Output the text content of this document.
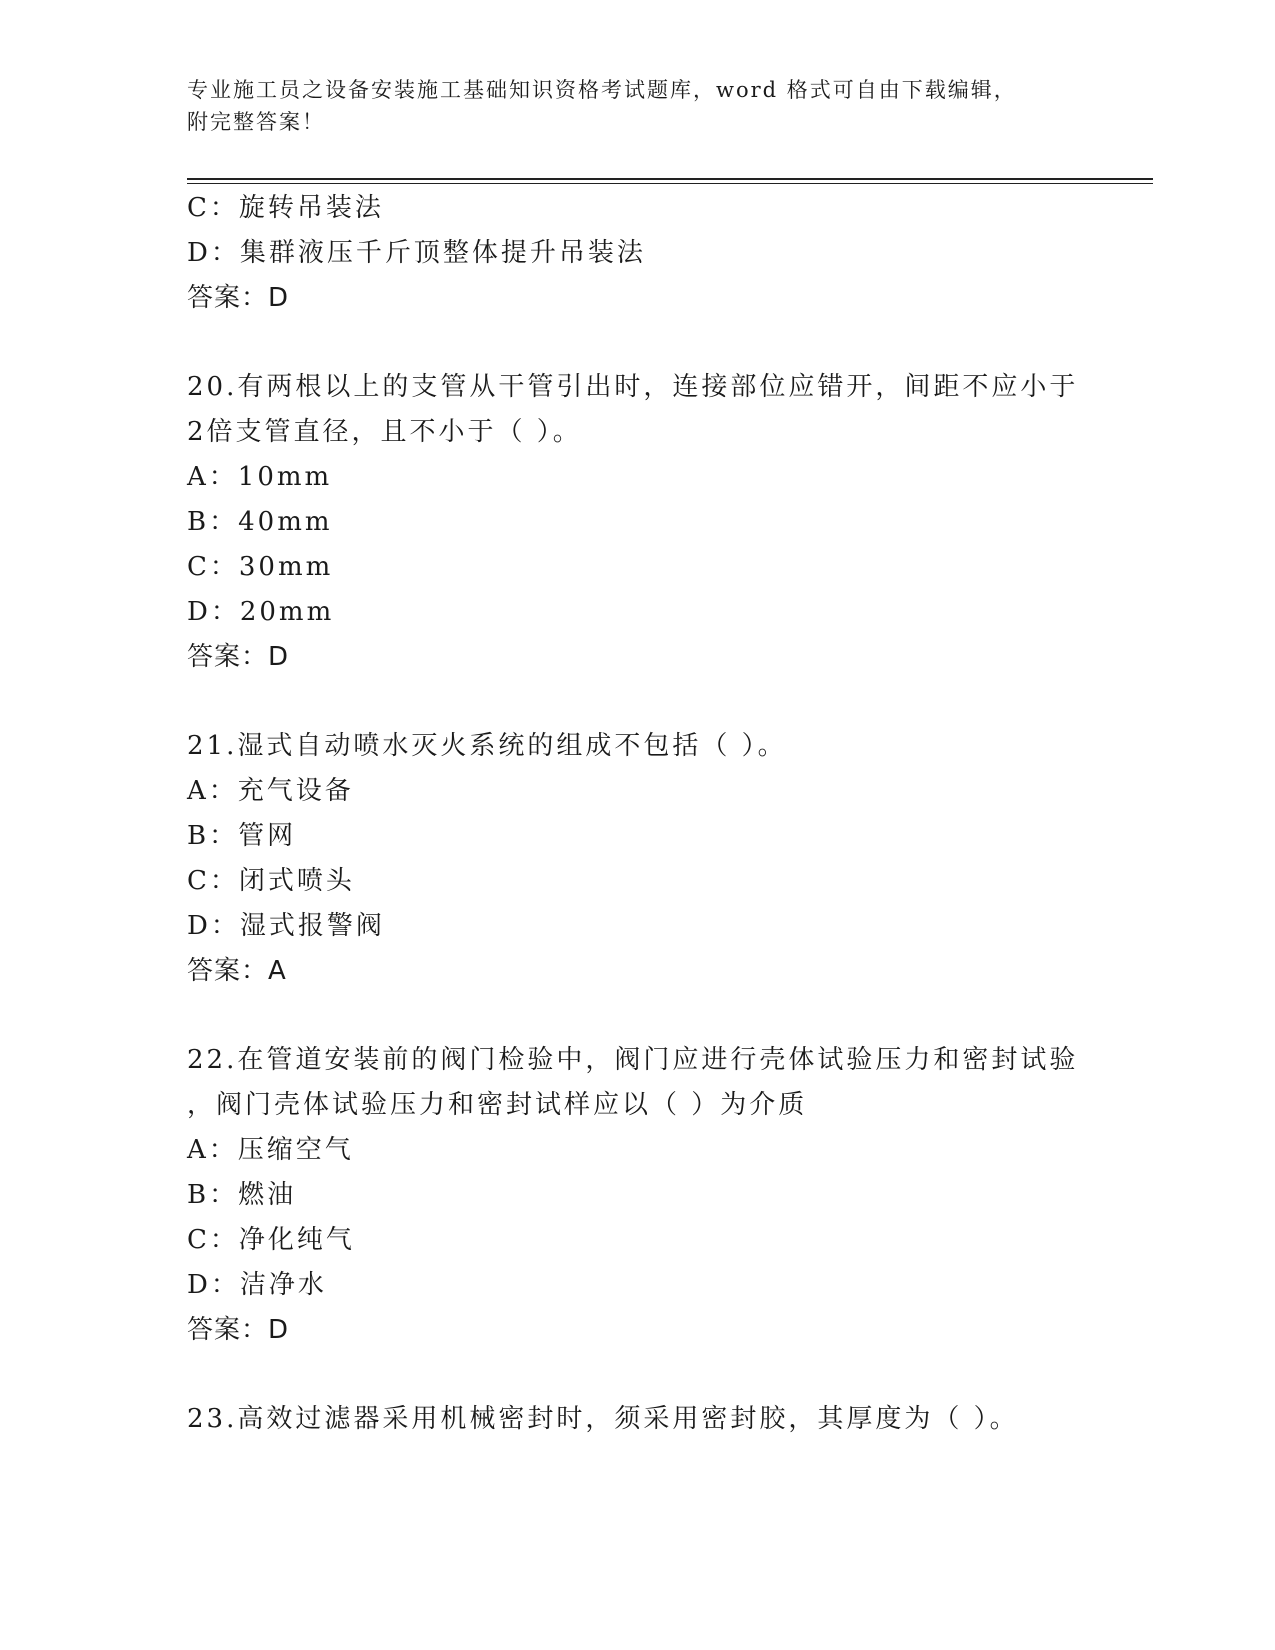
专业施工员之设备安装施工基础知识资格考试题库，word 格式可自由下载编辑，
附完整答案！
C：旋转吊装法
D：集群液压千斤顶整体提升吊装法
答案：D
20.有两根以上的支管从干管引出时，连接部位应错开，间距不应小于
2倍支管直径，且不小于（ ）。
A：10mm
B：40mm
C：30mm
D：20mm
答案：D
21.湿式自动喷水灭火系统的组成不包括（ ）。
A：充气设备
B：管网
C：闭式喷头
D：湿式报警阀
答案：A
22.在管道安装前的阀门检验中，阀门应进行壳体试验压力和密封试验
，阀门壳体试验压力和密封试样应以（ ）为介质
A：压缩空气
B：燃油
C：净化纯气
D：洁净水
答案：D
23.高效过滤器采用机械密封时，须采用密封胶，其厚度为（ ）。
